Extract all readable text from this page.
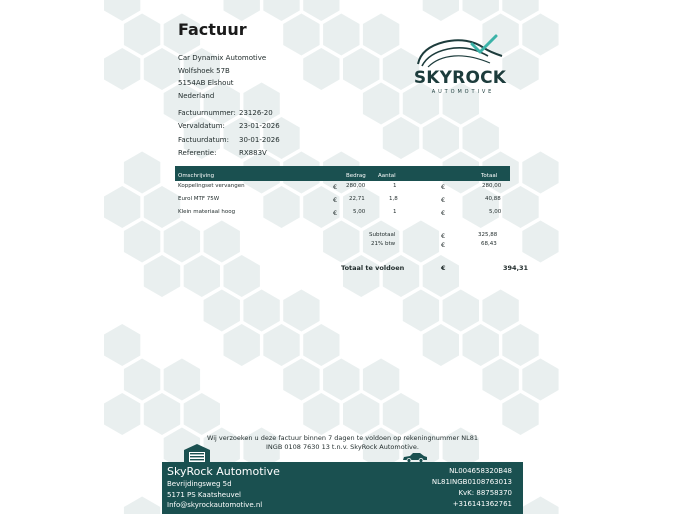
Factuur
Car Dynamix Automotive
Wolfshoek 57B
5154AB Elshout
Nederland
Factuurnummer: 23126-20
Vervaldatum:	23-01-2026
Factuurdatum:	30-01-2026
Referentie:	RX883V
SKYROCK
AUTOMOTIVE
Omschrijving	Bedrag Aantal	Totaal
Koppelingset vervangen	€ 280,00	1	€	280,00
Eurol MTF 75W	€ 22,71	1,8	€	40,88
Klein materiaal hoog	€	5,00	1	€	5,00
Subtotaal	€	325,88
21% btw	€	68,43
Totaal te voldoen	€	394,31
Wij verzoeken u deze factuur binnen 7 dagen te voldoen op rekeningnummer NL81
INGB 0108 7630 13 t.n.v. SkyRock Automotive.
SkyRock Automotive
Bevrijdingsweg 5d
5171 PS Kaatsheuvel
Info@skyrockautomotive.nl
NL004658320B48
NL81INGB0108763013
KvK: 88758370
+316141362761
